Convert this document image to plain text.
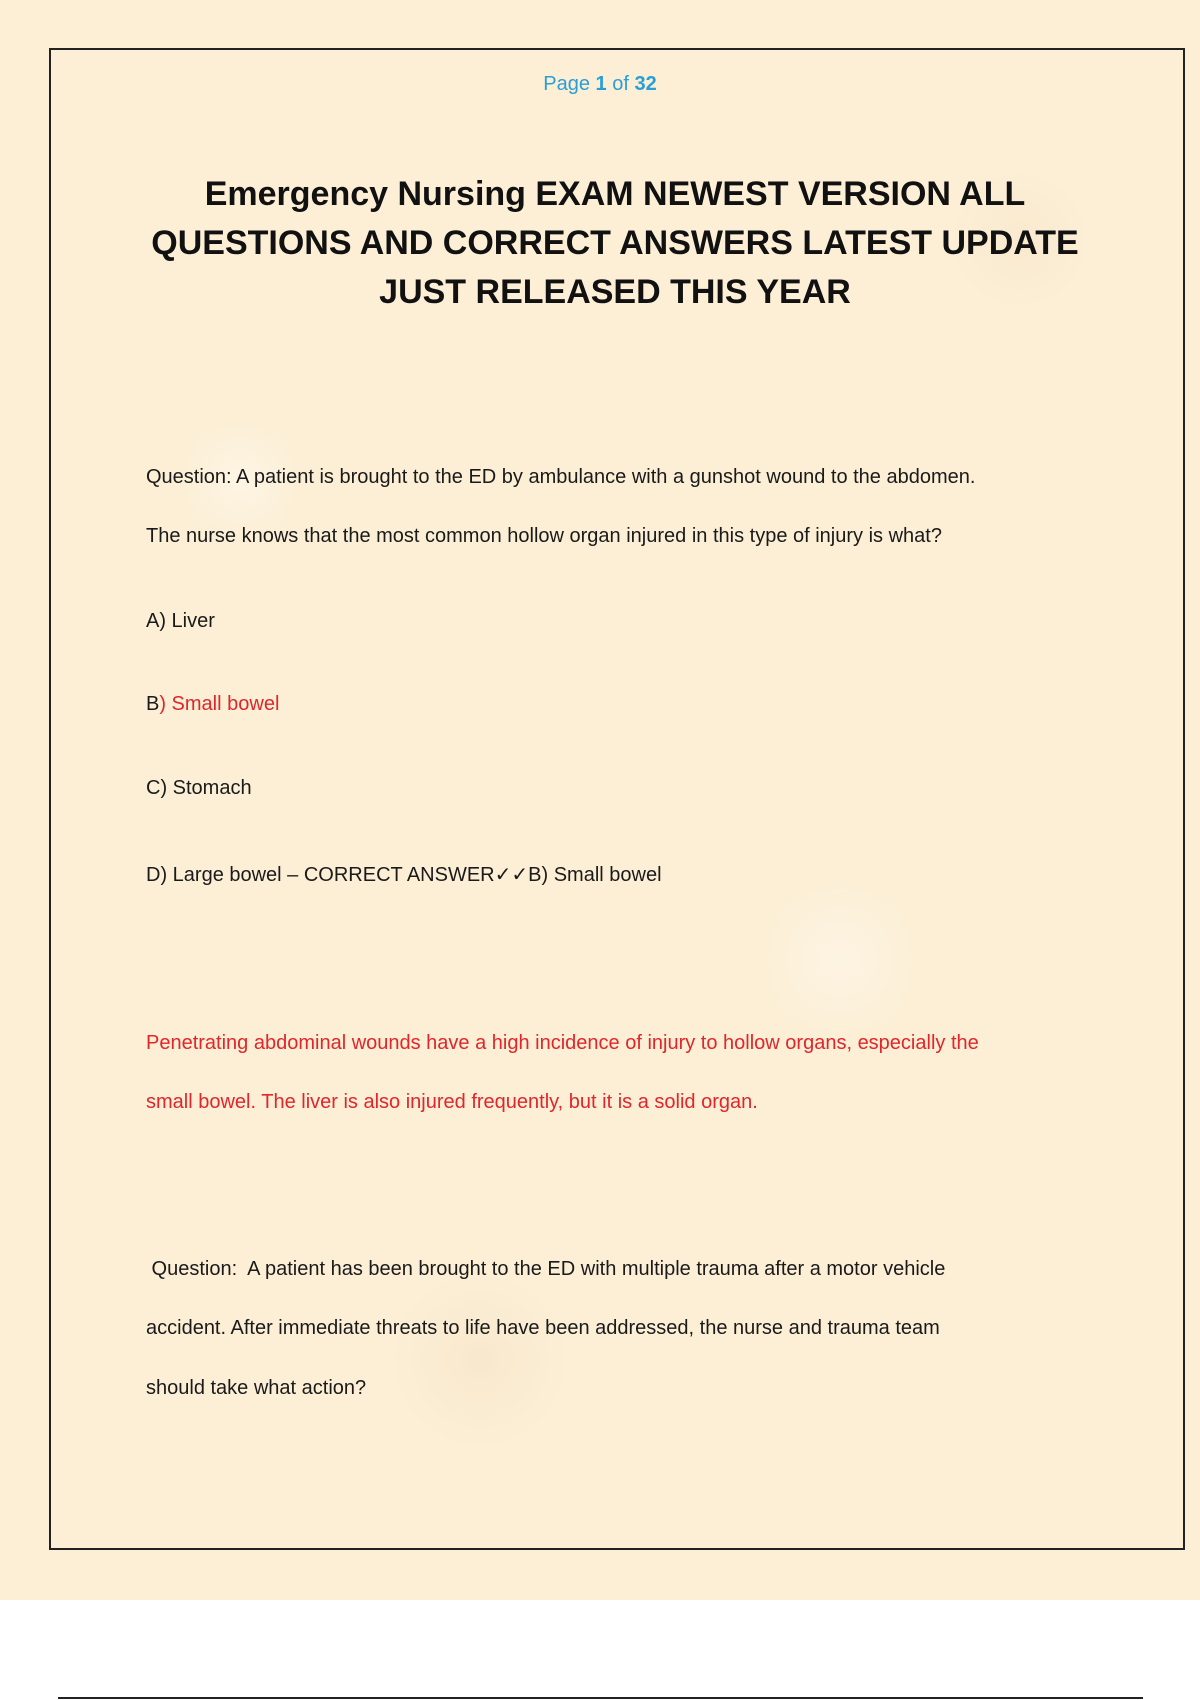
Page 1 of 32
Emergency Nursing EXAM NEWEST VERSION ALL QUESTIONS AND CORRECT ANSWERS LATEST UPDATE JUST RELEASED THIS YEAR
Question: A patient is brought to the ED by ambulance with a gunshot wound to the abdomen.
The nurse knows that the most common hollow organ injured in this type of injury is what?
A) Liver
B) Small bowel
C) Stomach
D) Large bowel – CORRECT ANSWER✓✓B) Small bowel
Penetrating abdominal wounds have a high incidence of injury to hollow organs, especially the
small bowel. The liver is also injured frequently, but it is a solid organ.
Question:  A patient has been brought to the ED with multiple trauma after a motor vehicle
accident. After immediate threats to life have been addressed, the nurse and trauma team
should take what action?
